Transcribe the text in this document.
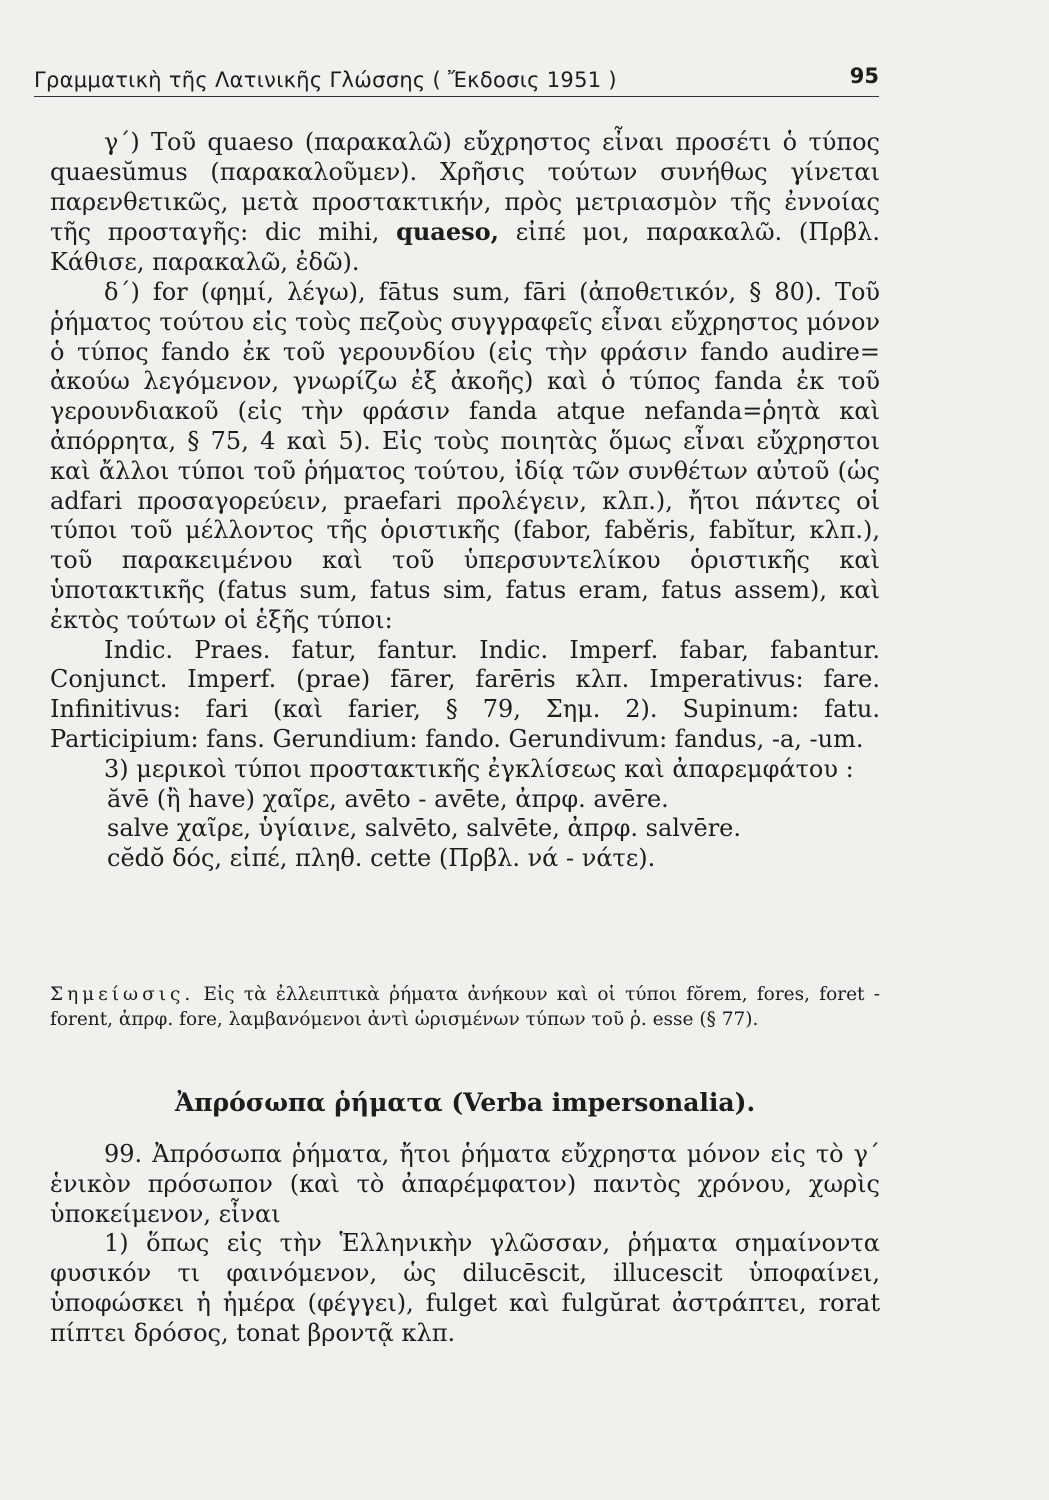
Γραμματικὴ τῆς Λατινικῆς Γλώσσης ( Ἔκδοσις 1951 )	95

γ΄) Τοῦ quaeso (παρακαλῶ) εὔχρηστος εἶναι προσέτι ὁ τύπος quaesŭmus (παρακαλοῦμεν). Χρῆσις τούτων συνήθως γίνεται παρενθετικῶς, μετὰ προστακτικήν, πρὸς μετριασμὸν τῆς ἐννοίας τῆς προσταγῆς: dic mihi, quaeso, εἰπέ μοι, παρακαλῶ. (Πρβλ. Κάθισε, παρακαλῶ, ἐδῶ).

δ΄) for (φημί, λέγω), fātus sum, fāri (ἀποθετικόν, § 80). Τοῦ ῥήματος τούτου εἰς τοὺς πεζοὺς συγγραφεῖς εἶναι εὔχρηστος μόνον ὁ τύπος fando ἐκ τοῦ γερουνδίου (εἰς τὴν φράσιν fando audire= ἀκούω λεγόμενον, γνωρίζω ἐξ ἀκοῆς) καὶ ὁ τύπος fanda ἐκ τοῦ γερουνδιακοῦ (εἰς τὴν φράσιν fanda atque nefanda=ῥητὰ καὶ ἀπόρρητα, § 75, 4 καὶ 5). Εἰς τοὺς ποιητὰς ὅμως εἶναι εὔχρηστοι καὶ ἄλλοι τύποι τοῦ ῥήματος τούτου, ἰδίᾳ τῶν συνθέτων αὐτοῦ (ὡς adfari προσαγορεύειν, praefari προλέγειν, κλπ.), ἤτοι πάντες οἱ τύποι τοῦ μέλλοντος τῆς ὁριστικῆς (fabor, faběris, fabĭtur, κλπ.), τοῦ παρακειμένου καὶ τοῦ ὑπερσυντελίκου ὁριστικῆς καὶ ὑποτακτικῆς (fatus sum, fatus sim, fatus eram, fatus assem), καὶ ἐκτὸς τούτων οἱ ἑξῆς τύποι:

Indic. Praes. fatur, fantur. Indic. Imperf. fabar, fabantur. Conjunct. Imperf. (prae) fārer, farēris κλπ. Imperativus: fare. Infinitivus: fari (καὶ farier, § 79, Σημ. 2). Supinum: fatu. Participium: fans. Gerundium: fando. Gerundivum: fandus, -a, -um.

3) μερικοὶ τύποι προστακτικῆς ἐγκλίσεως καὶ ἀπαρεμφάτου :

ăvē (ἢ have) χαῖρε, avēto - avēte, ἀπρφ. avēre.

salve χαῖρε, ὑγίαινε, salvēto, salvēte, ἀπρφ. salvēre.

cĕdŏ δός, εἰπέ, πληθ. cette (Πρβλ. νά - νάτε).

Σημείωσις. Εἰς τὰ ἐλλειπτικὰ ῥήματα ἀνήκουν καὶ οἱ τύποι fŏrem, fores, foret - forent, ἀπρφ. fore, λαμβανόμενοι ἀντὶ ὡρισμένων τύπων τοῦ ῥ. esse (§ 77).
Ἀπρόσωπα ῥήματα (Verba impersonalia).

99. Ἀπρόσωπα ῥήματα, ἤτοι ῥήματα εὔχρηστα μόνον εἰς τὸ γ΄ ἑνικὸν πρόσωπον (καὶ τὸ ἀπαρέμφατον) παντὸς χρόνου, χωρὶς ὑποκείμενον, εἶναι

1) ὅπως εἰς τὴν Ἑλληνικὴν γλῶσσαν, ῥήματα σημαίνοντα φυσικόν τι φαινόμενον, ὡς dilucēscit, illucescit ὑποφαίνει, ὑποφώσκει ἡ ἡμέρα (φέγγει), fulget καὶ fulgŭrat ἀστράπτει, rorat πίπτει δρόσος, tonat βροντᾷ κλπ.
